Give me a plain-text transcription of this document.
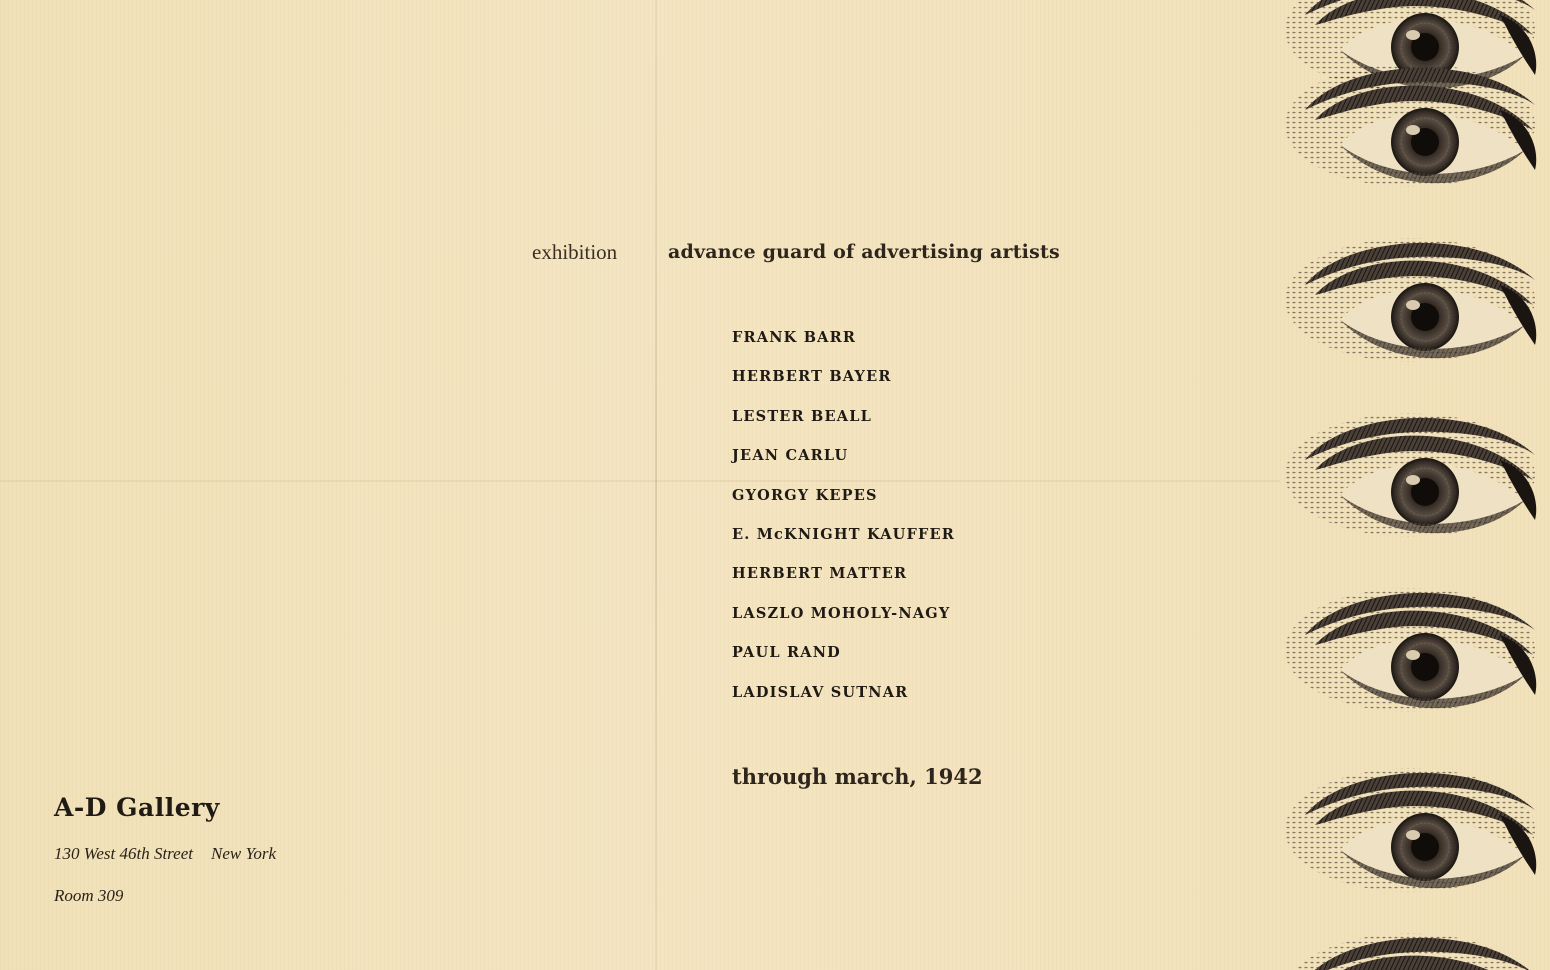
exhibition	advance guard of advertising artists
FRANK BARR
HERBERT BAYER
LESTER BEALL
JEAN CARLU
GYORGY KEPES
E. McKNIGHT KAUFFER
HERBERT MATTER
LASZLO MOHOLY-NAGY
PAUL RAND
LADISLAV SUTNAR
through march, 1942
A-D Gallery
130 West 46th Street New York
Room 309
